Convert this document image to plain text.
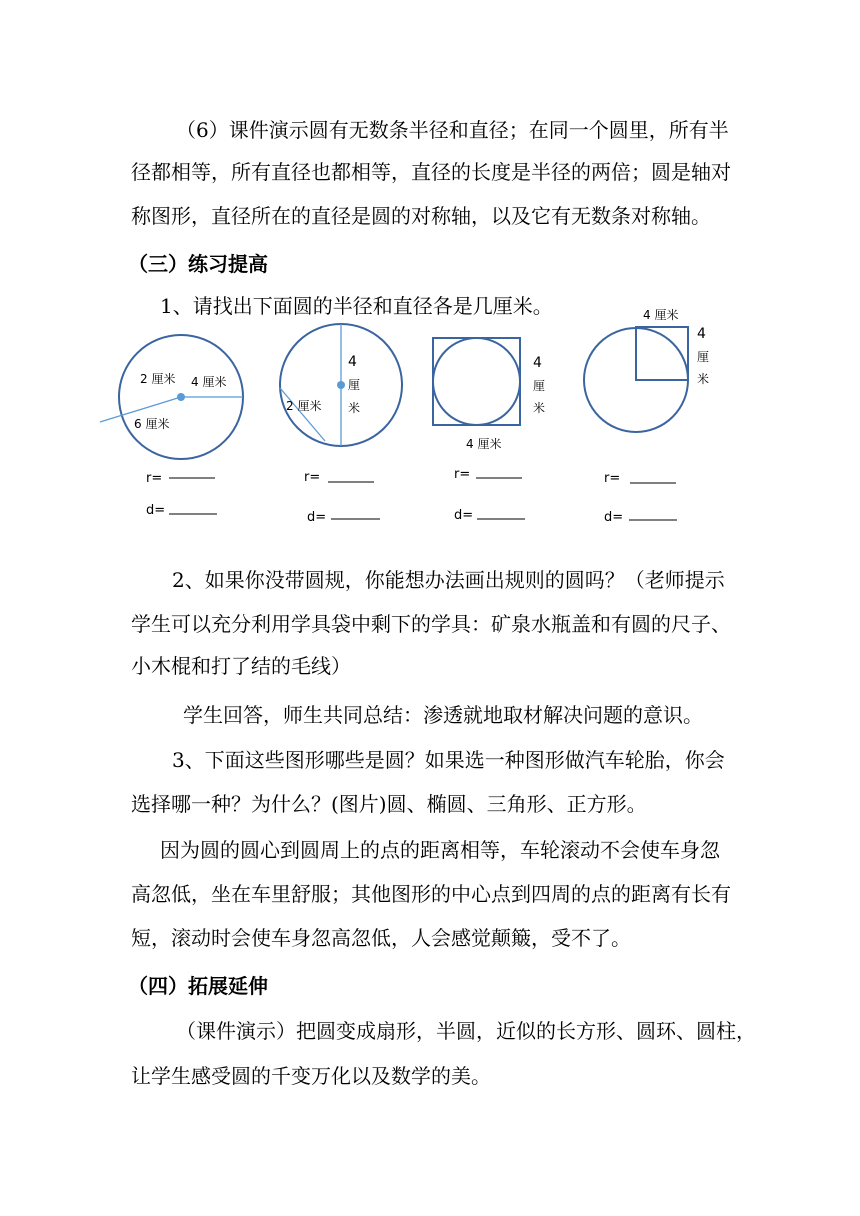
（6）课件演示圆有无数条半径和直径；在同一个圆里，所有半
径都相等，所有直径也都相等，直径的长度是半径的两倍；圆是轴对
称图形，直径所在的直径是圆的对称轴，以及它有无数条对称轴。
（三）练习提高
1、请找出下面圆的半径和直径各是几厘米。
2 厘米 4 厘米
6 厘米
r=
d=
4
厘
米
2 厘米
r=
d=
4
厘
米
4 厘米
r=
d=
4 厘米
4
厘
米
r=
d=
2、如果你没带圆规，你能想办法画出规则的圆吗？（老师提示
学生可以充分利用学具袋中剩下的学具：矿泉水瓶盖和有圆的尺子、
小木棍和打了结的毛线）
学生回答，师生共同总结：渗透就地取材解决问题的意识。
3、下面这些图形哪些是圆？如果选一种图形做汽车轮胎，你会
选择哪一种？为什么？(图片)圆、椭圆、三角形、正方形。
因为圆的圆心到圆周上的点的距离相等，车轮滚动不会使车身忽
高忽低，坐在车里舒服；其他图形的中心点到四周的点的距离有长有
短，滚动时会使车身忽高忽低，人会感觉颠簸，受不了。
（四）拓展延伸
（课件演示）把圆变成扇形，半圆，近似的长方形、圆环、圆柱，
让学生感受圆的千变万化以及数学的美。
